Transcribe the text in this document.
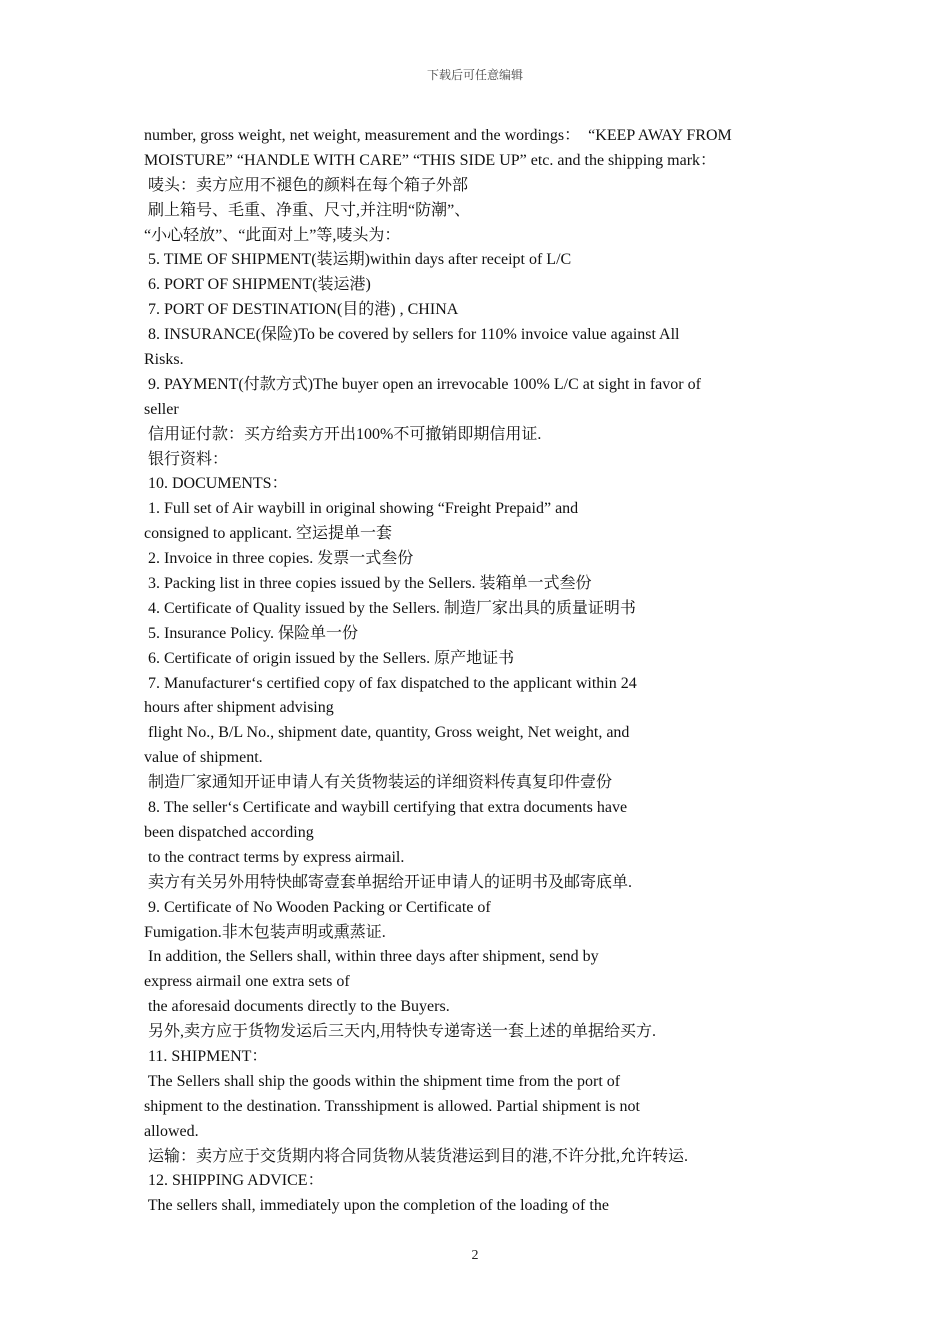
下载后可任意编辑
number, gross weight, net weight, measurement and the wordings：  “KEEP AWAY FROM
MOISTURE” “HANDLE WITH CARE” “THIS SIDE UP” etc. and the shipping mark：
唛头：卖方应用不褪色的颜料在每个箱子外部
刷上箱号、毛重、净重、尺寸,并注明“防潮”、
“小心轻放”、“此面对上”等,唛头为：
5. TIME OF SHIPMENT(装运期)within days after receipt of L/C
6. PORT OF SHIPMENT(装运港)
7. PORT OF DESTINATION(目的港) , CHINA
8. INSURANCE(保险)To be covered by sellers for 110% invoice value against All
Risks.
9. PAYMENT(付款方式)The buyer open an irrevocable 100% L/C at sight in favor of
seller
信用证付款：买方给卖方开出100%不可撤销即期信用证.
银行资料：
10. DOCUMENTS：
1. Full set of Air waybill in original showing “Freight Prepaid” and
consigned to applicant. 空运提单一套
2. Invoice in three copies. 发票一式叁份
3. Packing list in three copies issued by the Sellers. 装箱单一式叁份
4. Certificate of Quality issued by the Sellers. 制造厂家出具的质量证明书
5. Insurance Policy. 保险单一份
6. Certificate of origin issued by the Sellers. 原产地证书
7. Manufacturer‘s certified copy of fax dispatched to the applicant within 24
hours after shipment advising
flight No., B/L No., shipment date, quantity, Gross weight, Net weight, and
value of shipment.
制造厂家通知开证申请人有关货物装运的详细资料传真复印件壹份
8. The seller‘s Certificate and waybill certifying that extra documents have
been dispatched according
to the contract terms by express airmail.
卖方有关另外用特快邮寄壹套单据给开证申请人的证明书及邮寄底单.
9. Certificate of No Wooden Packing or Certificate of
Fumigation.非木包装声明或熏蒸证.
In addition, the Sellers shall, within three days after shipment, send by
express airmail one extra sets of
the aforesaid documents directly to the Buyers.
另外,卖方应于货物发运后三天内,用特快专递寄送一套上述的单据给买方.
11. SHIPMENT：
The Sellers shall ship the goods within the shipment time from the port of
shipment to the destination. Transshipment is allowed. Partial shipment is not
allowed.
运输：卖方应于交货期内将合同货物从装货港运到目的港,不许分批,允许转运.
12. SHIPPING ADVICE：
The sellers shall, immediately upon the completion of the loading of the
2
